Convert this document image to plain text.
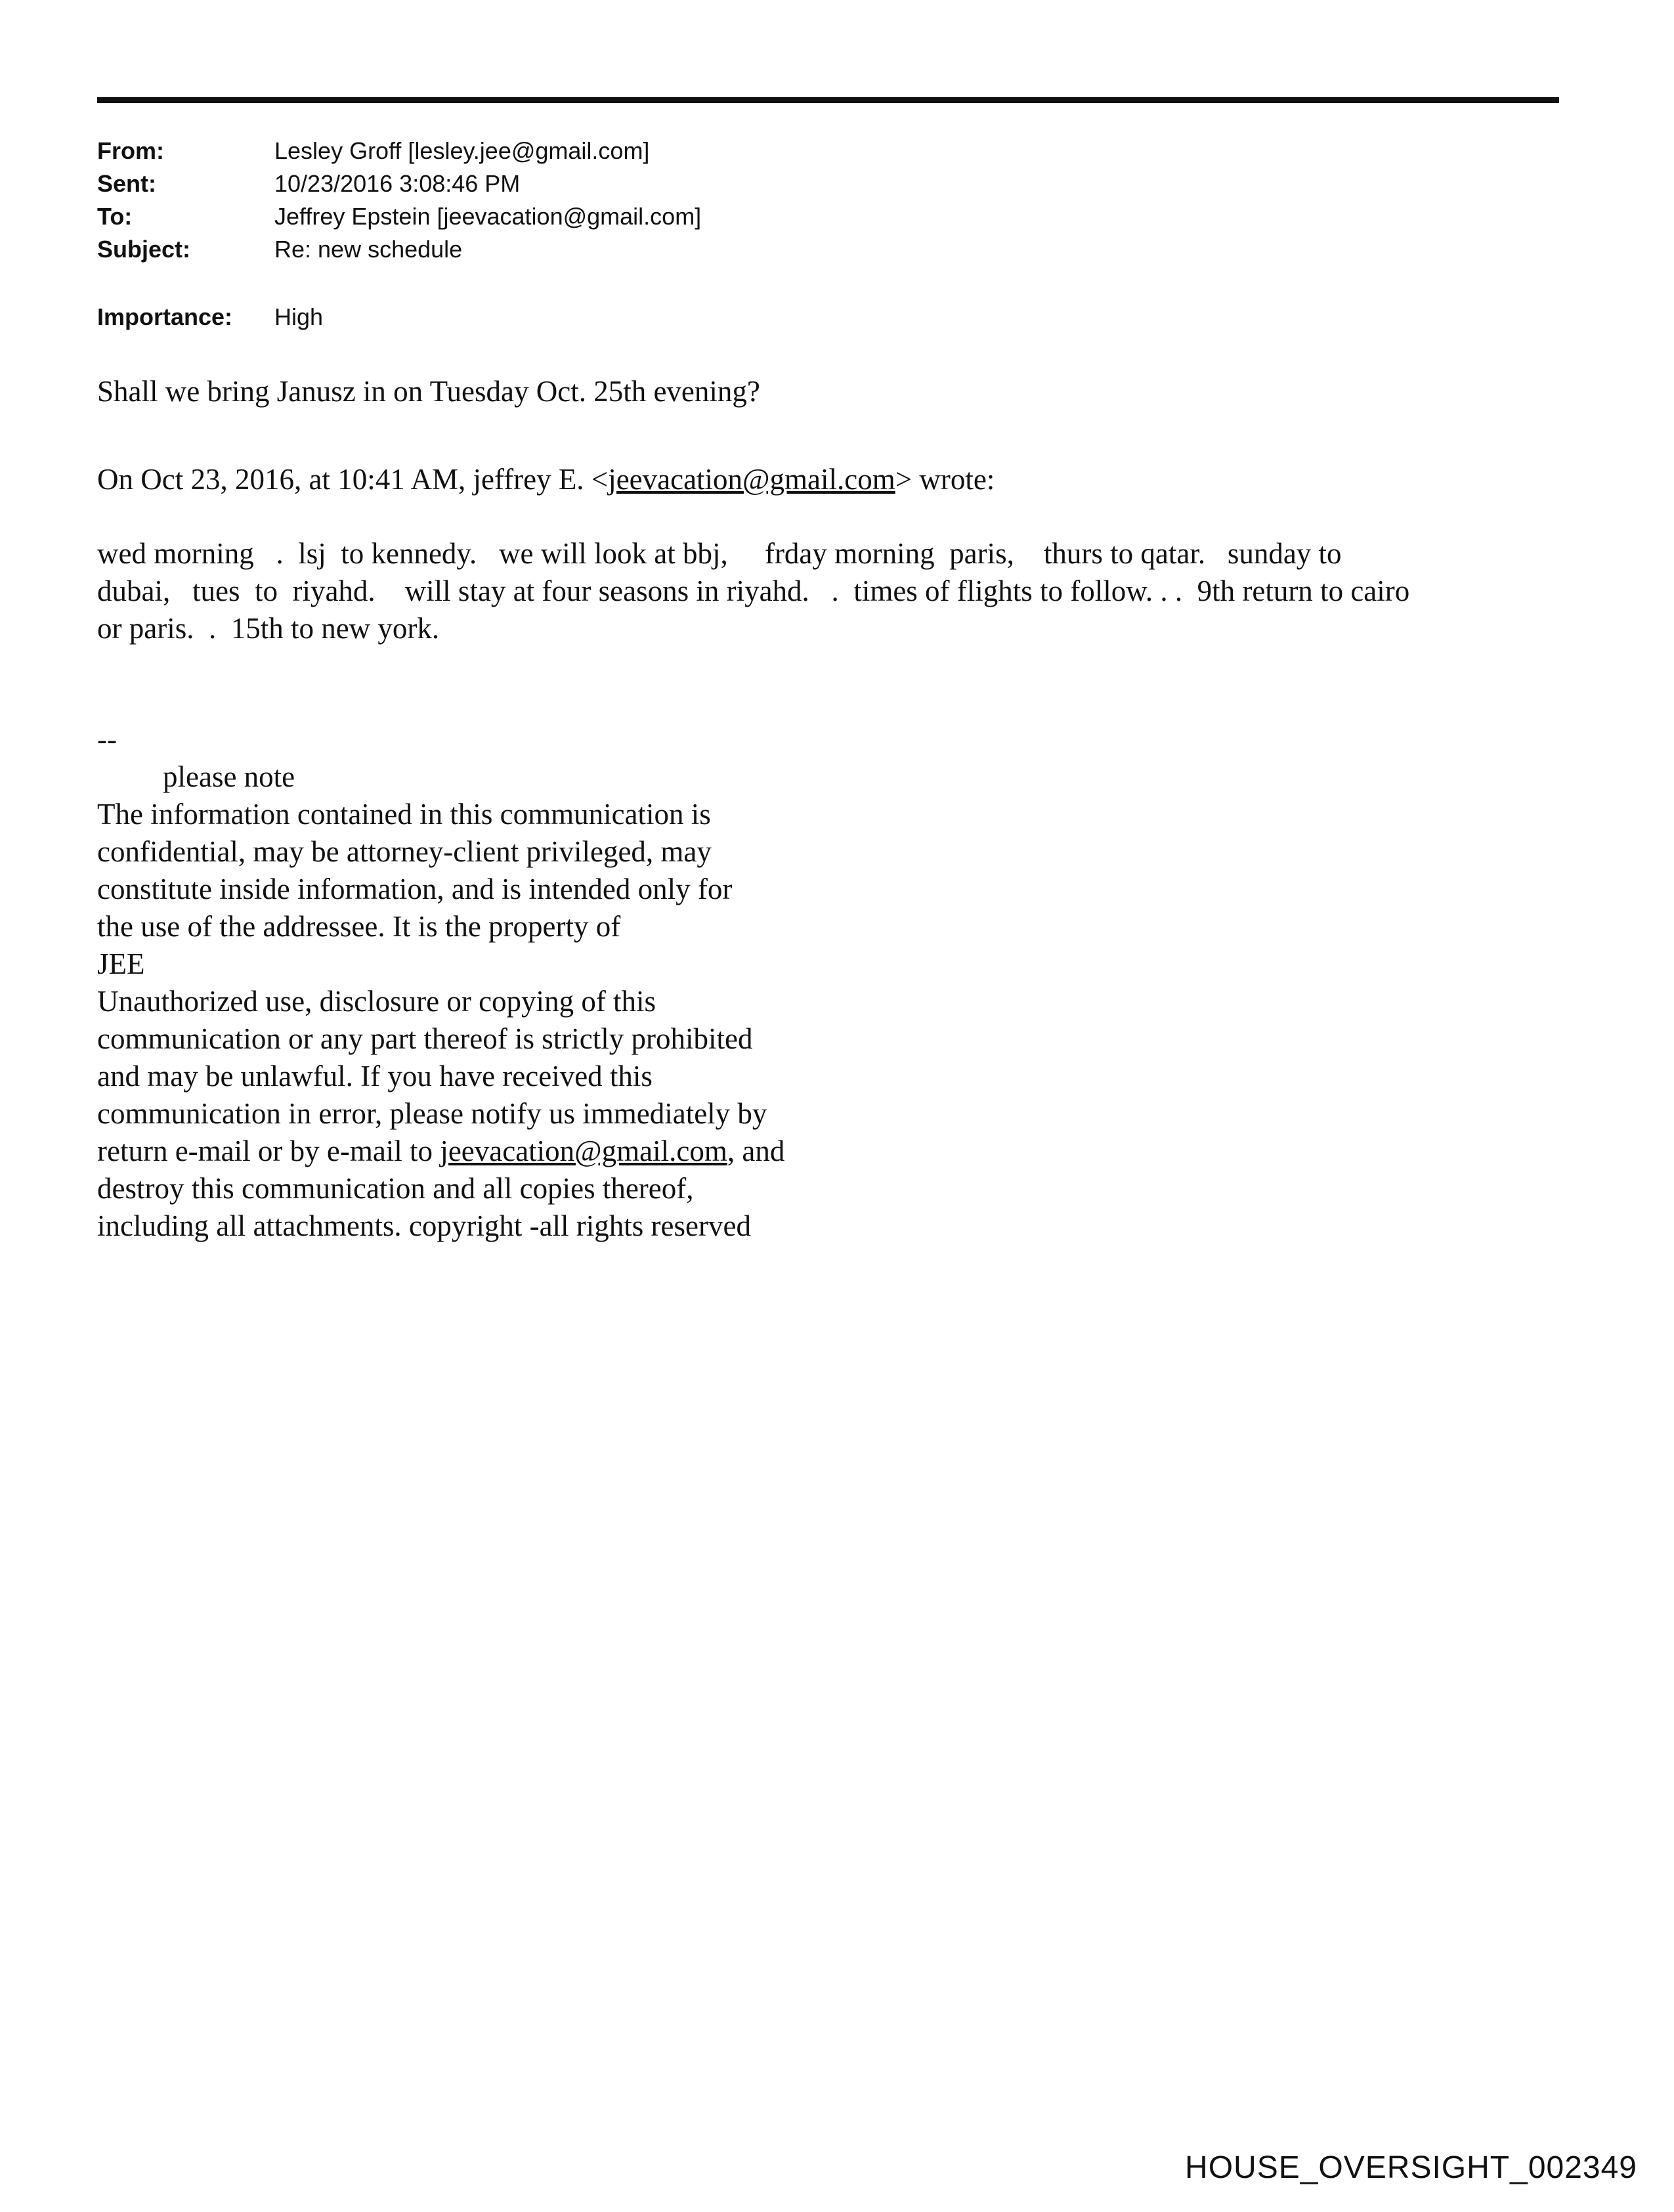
From:	Lesley Groff [lesley.jee@gmail.com]
Sent:	10/23/2016 3:08:46 PM
To:	Jeffrey Epstein [jeevacation@gmail.com]
Subject:	Re: new schedule
Importance: High
Shall we bring Janusz in on Tuesday Oct. 25th evening?
On Oct 23, 2016, at 10:41 AM, jeffrey E. <jeevacation@gmail.com> wrote:
wed morning   .  lsj  to kennedy.   we will look at bbj,     frday morning  paris,    thurs to qatar.   sunday to
dubai,   tues  to  riyahd.    will stay at four seasons in riyahd.   .  times of flights to follow. . .  9th return to cairo
or paris.  .  15th to new york.
--
please note
The information contained in this communication is
confidential, may be attorney-client privileged, may
constitute inside information, and is intended only for
the use of the addressee. It is the property of
JEE
Unauthorized use, disclosure or copying of this
communication or any part thereof is strictly prohibited
and may be unlawful. If you have received this
communication in error, please notify us immediately by
return e-mail or by e-mail to jeevacation@gmail.com, and
destroy this communication and all copies thereof,
including all attachments. copyright -all rights reserved
HOUSE_OVERSIGHT_002349
